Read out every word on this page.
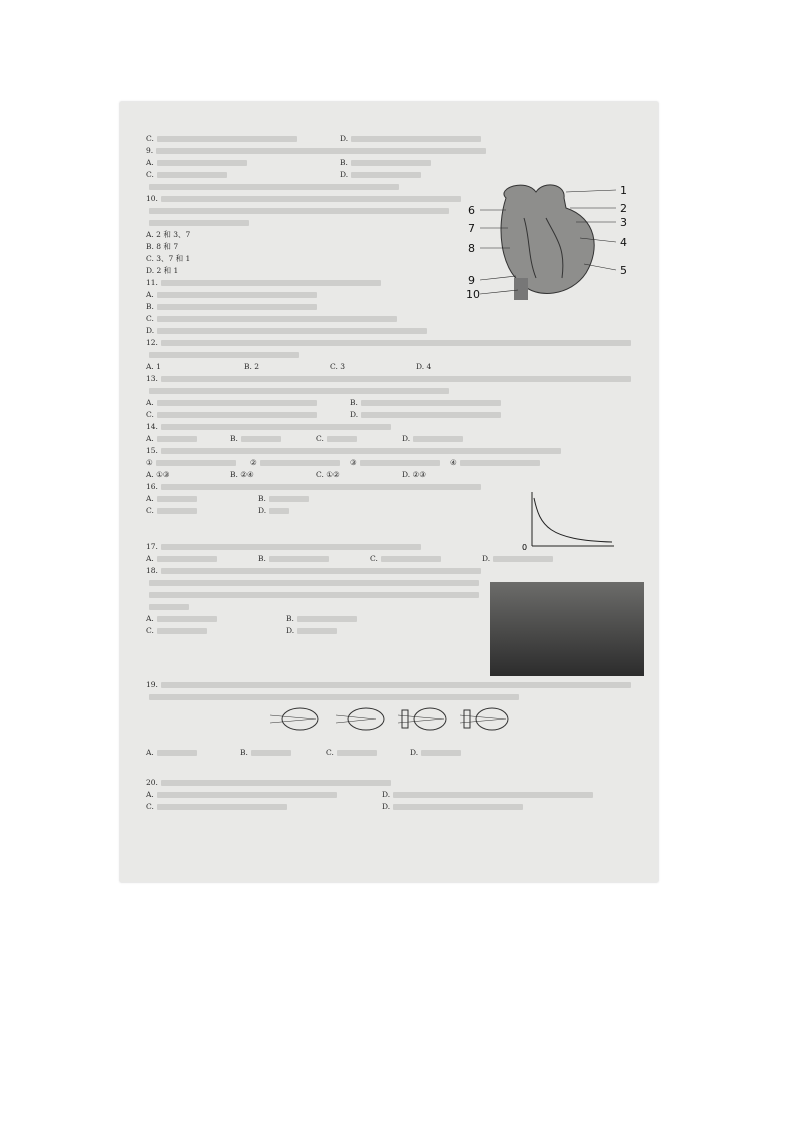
C.	D.
9.
A.	B.
C.	D.
10.
A. 2 和 3、7
B. 8 和 7
C. 3、7 和 1
D. 2 和 1
11.
A.
B.
C.
D.
12.
A. 1	B. 2	C. 3	D. 4
13.
A.	B.
C.	D.
14.
A.	B.	C.	D.
15.
①	②	③	④
A. ①③	B. ②④	C. ①②	D. ②③
16.
A.	B.
C.	D.
17.
A.	B.	C.	D.
18.
A.	B.
C.	D.
19.
A.	B.	C.	D.
20.
A.	D.
C.	D.
1
2
3
4
5
6
7
8
9
10
0
